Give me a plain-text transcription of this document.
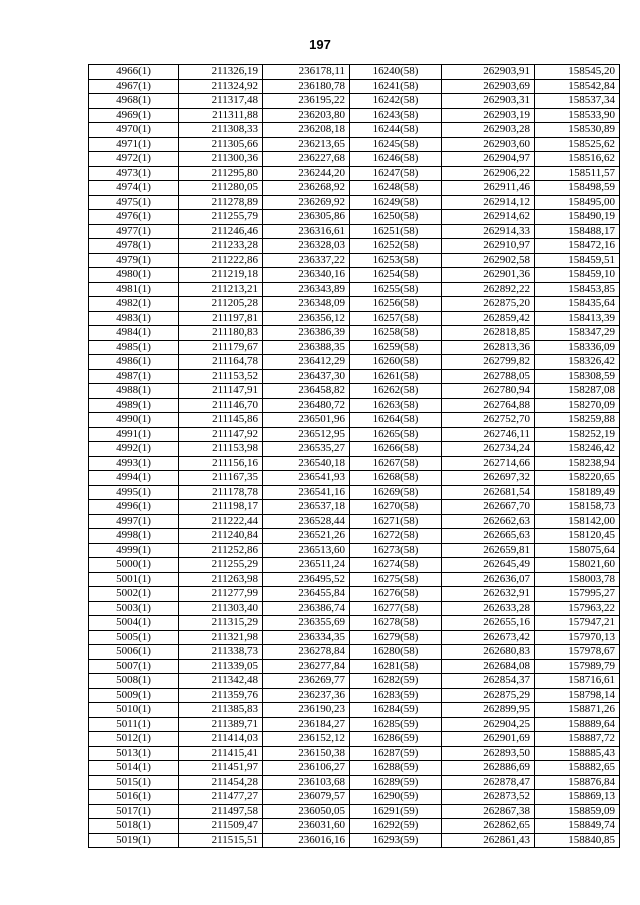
197
4966(1)	211326,19	236178,11	16240(58)	262903,91	158545,20
4967(1)	211324,92	236180,78	16241(58)	262903,69	158542,84
4968(1)	211317,48	236195,22	16242(58)	262903,31	158537,34
4969(1)	211311,88	236203,80	16243(58)	262903,19	158533,90
4970(1)	211308,33	236208,18	16244(58)	262903,28	158530,89
4971(1)	211305,66	236213,65	16245(58)	262903,60	158525,62
4972(1)	211300,36	236227,68	16246(58)	262904,97	158516,62
4973(1)	211295,80	236244,20	16247(58)	262906,22	158511,57
4974(1)	211280,05	236268,92	16248(58)	262911,46	158498,59
4975(1)	211278,89	236269,92	16249(58)	262914,12	158495,00
4976(1)	211255,79	236305,86	16250(58)	262914,62	158490,19
4977(1)	211246,46	236316,61	16251(58)	262914,33	158488,17
4978(1)	211233,28	236328,03	16252(58)	262910,97	158472,16
4979(1)	211222,86	236337,22	16253(58)	262902,58	158459,51
4980(1)	211219,18	236340,16	16254(58)	262901,36	158459,10
4981(1)	211213,21	236343,89	16255(58)	262892,22	158453,85
4982(1)	211205,28	236348,09	16256(58)	262875,20	158435,64
4983(1)	211197,81	236356,12	16257(58)	262859,42	158413,39
4984(1)	211180,83	236386,39	16258(58)	262818,85	158347,29
4985(1)	211179,67	236388,35	16259(58)	262813,36	158336,09
4986(1)	211164,78	236412,29	16260(58)	262799,82	158326,42
4987(1)	211153,52	236437,30	16261(58)	262788,05	158308,59
4988(1)	211147,91	236458,82	16262(58)	262780,94	158287,08
4989(1)	211146,70	236480,72	16263(58)	262764,88	158270,09
4990(1)	211145,86	236501,96	16264(58)	262752,70	158259,88
4991(1)	211147,92	236512,95	16265(58)	262746,11	158252,19
4992(1)	211153,98	236535,27	16266(58)	262734,24	158246,42
4993(1)	211156,16	236540,18	16267(58)	262714,66	158238,94
4994(1)	211167,35	236541,93	16268(58)	262697,32	158220,65
4995(1)	211178,78	236541,16	16269(58)	262681,54	158189,49
4996(1)	211198,17	236537,18	16270(58)	262667,70	158158,73
4997(1)	211222,44	236528,44	16271(58)	262662,63	158142,00
4998(1)	211240,84	236521,26	16272(58)	262665,63	158120,45
4999(1)	211252,86	236513,60	16273(58)	262659,81	158075,64
5000(1)	211255,29	236511,24	16274(58)	262645,49	158021,60
5001(1)	211263,98	236495,52	16275(58)	262636,07	158003,78
5002(1)	211277,99	236455,84	16276(58)	262632,91	157995,27
5003(1)	211303,40	236386,74	16277(58)	262633,28	157963,22
5004(1)	211315,29	236355,69	16278(58)	262655,16	157947,21
5005(1)	211321,98	236334,35	16279(58)	262673,42	157970,13
5006(1)	211338,73	236278,84	16280(58)	262680,83	157978,67
5007(1)	211339,05	236277,84	16281(58)	262684,08	157989,79
5008(1)	211342,48	236269,77	16282(59)	262854,37	158716,61
5009(1)	211359,76	236237,36	16283(59)	262875,29	158798,14
5010(1)	211385,83	236190,23	16284(59)	262899,95	158871,26
5011(1)	211389,71	236184,27	16285(59)	262904,25	158889,64
5012(1)	211414,03	236152,12	16286(59)	262901,69	158887,72
5013(1)	211415,41	236150,38	16287(59)	262893,50	158885,43
5014(1)	211451,97	236106,27	16288(59)	262886,69	158882,65
5015(1)	211454,28	236103,68	16289(59)	262878,47	158876,84
5016(1)	211477,27	236079,57	16290(59)	262873,52	158869,13
5017(1)	211497,58	236050,05	16291(59)	262867,38	158859,09
5018(1)	211509,47	236031,60	16292(59)	262862,65	158849,74
5019(1)	211515,51	236016,16	16293(59)	262861,43	158840,85
